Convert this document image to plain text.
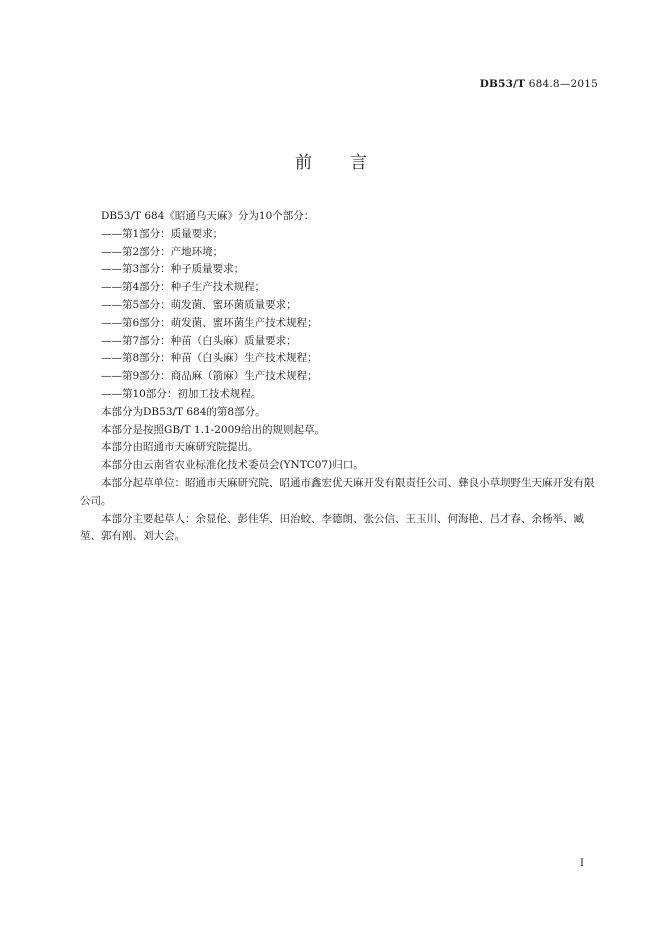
DB53/T 684.8—2015
前 言
DB53/T 684《昭通乌天麻》分为10个部分：
——第1部分：质量要求；
——第2部分：产地环境；
——第3部分：种子质量要求；
——第4部分：种子生产技术规程；
——第5部分：萌发菌、蜜环菌质量要求；
——第6部分：萌发菌、蜜环菌生产技术规程；
——第7部分：种苗（白头麻）质量要求；
——第8部分：种苗（白头麻）生产技术规程；
——第9部分：商品麻（箭麻）生产技术规程；
——第10部分：初加工技术规程。
本部分为DB53/T 684的第8部分。
本部分是按照GB/T 1.1-2009给出的规则起草。
本部分由昭通市天麻研究院提出。
本部分由云南省农业标准化技术委员会(YNTC07)归口。
本部分起草单位：昭通市天麻研究院、昭通市鑫宏优天麻开发有限责任公司、彝良小草坝野生天麻开发有限公司。
本部分主要起草人：余显伦、彭佳华、田治蛟、李德朗、张公信、王玉川、何海艳、吕才春、余杨举、臧堃、郭有刚、刘大会。
I
